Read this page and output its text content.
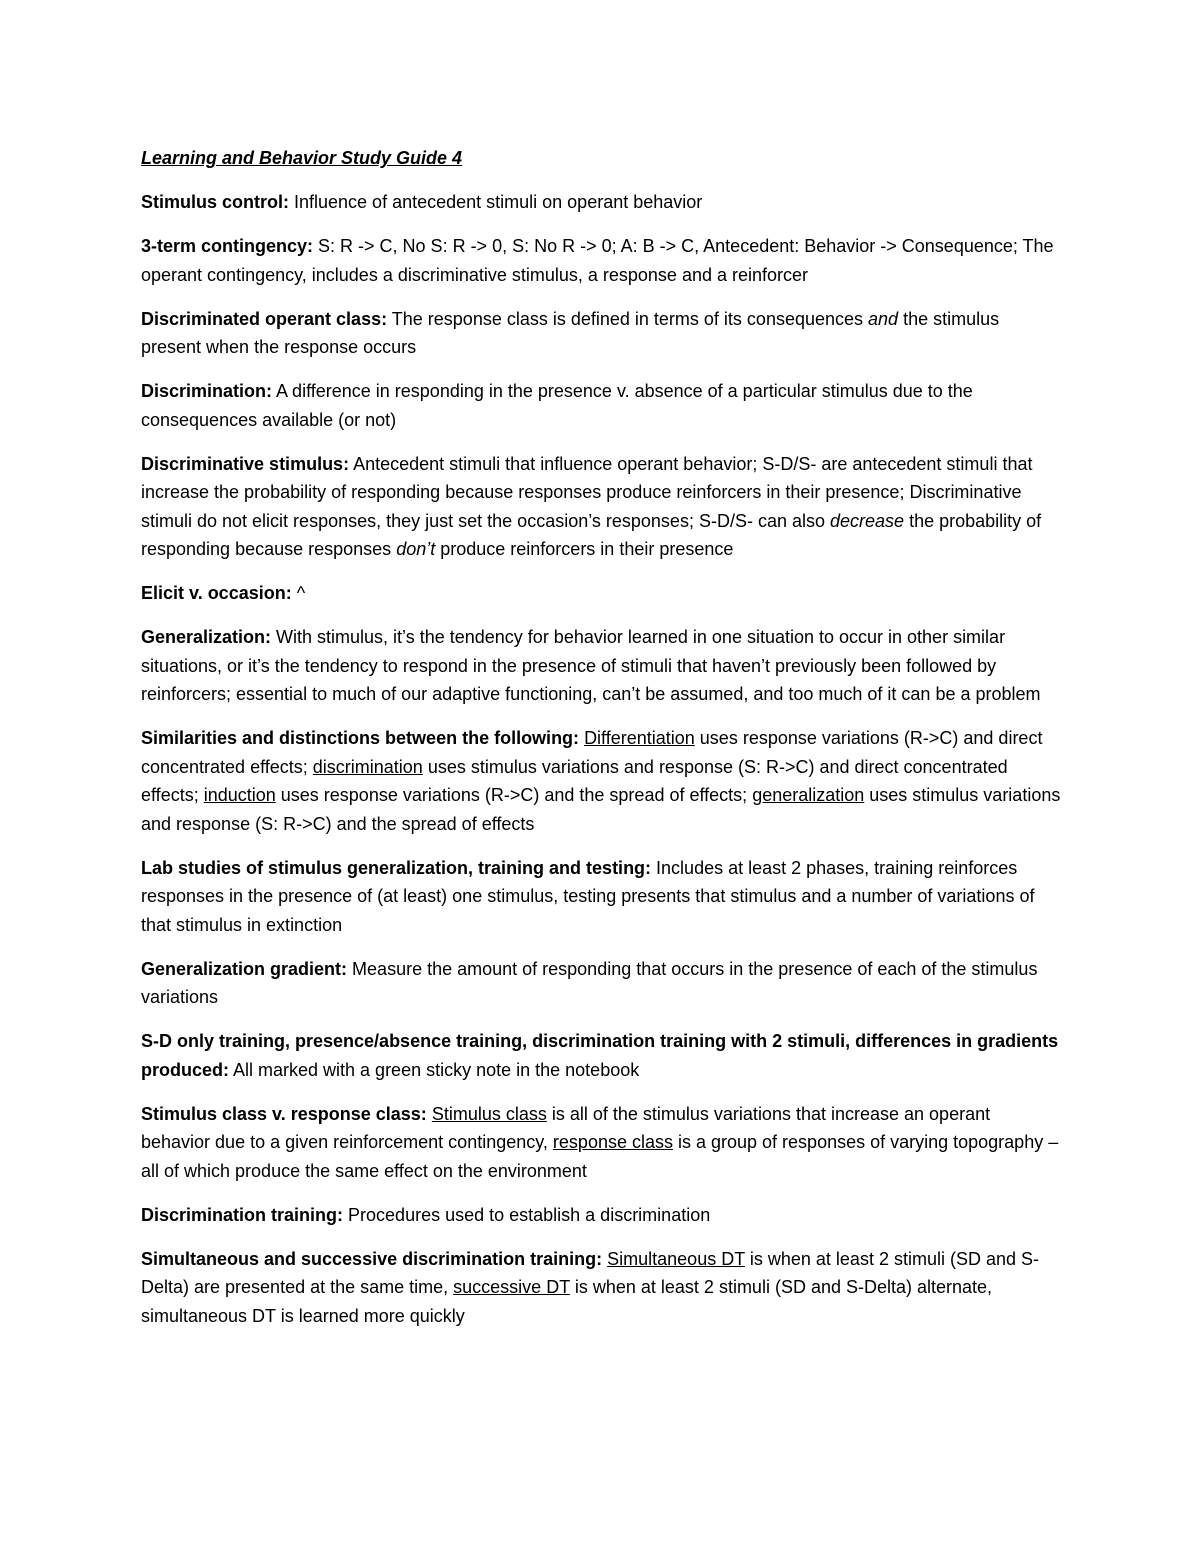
Learning and Behavior Study Guide 4

Stimulus control: Influence of antecedent stimuli on operant behavior

3-term contingency: S: R -> C, No S: R -> 0, S: No R -> 0; A: B -> C, Antecedent: Behavior -> Consequence; The operant contingency, includes a discriminative stimulus, a response and a reinforcer

Discriminated operant class: The response class is defined in terms of its consequences and the stimulus present when the response occurs

Discrimination: A difference in responding in the presence v. absence of a particular stimulus due to the consequences available (or not)

Discriminative stimulus: Antecedent stimuli that influence operant behavior; S-D/S- are antecedent stimuli that increase the probability of responding because responses produce reinforcers in their presence; Discriminative stimuli do not elicit responses, they just set the occasion’s responses; S-D/S- can also decrease the probability of responding because responses don’t produce reinforcers in their presence

Elicit v. occasion: ^

Generalization: With stimulus, it’s the tendency for behavior learned in one situation to occur in other similar situations, or it’s the tendency to respond in the presence of stimuli that haven’t previously been followed by reinforcers; essential to much of our adaptive functioning, can’t be assumed, and too much of it can be a problem

Similarities and distinctions between the following: Differentiation uses response variations (R->C) and direct concentrated effects; discrimination uses stimulus variations and response (S: R->C) and direct concentrated effects; induction uses response variations (R->C) and the spread of effects; generalization uses stimulus variations and response (S: R->C) and the spread of effects

Lab studies of stimulus generalization, training and testing: Includes at least 2 phases, training reinforces responses in the presence of (at least) one stimulus, testing presents that stimulus and a number of variations of that stimulus in extinction

Generalization gradient: Measure the amount of responding that occurs in the presence of each of the stimulus variations

S-D only training, presence/absence training, discrimination training with 2 stimuli, differences in gradients produced: All marked with a green sticky note in the notebook

Stimulus class v. response class: Stimulus class is all of the stimulus variations that increase an operant behavior due to a given reinforcement contingency, response class is a group of responses of varying topography – all of which produce the same effect on the environment

Discrimination training: Procedures used to establish a discrimination

Simultaneous and successive discrimination training: Simultaneous DT is when at least 2 stimuli (SD and S-Delta) are presented at the same time, successive DT is when at least 2 stimuli (SD and S-Delta) alternate, simultaneous DT is learned more quickly
